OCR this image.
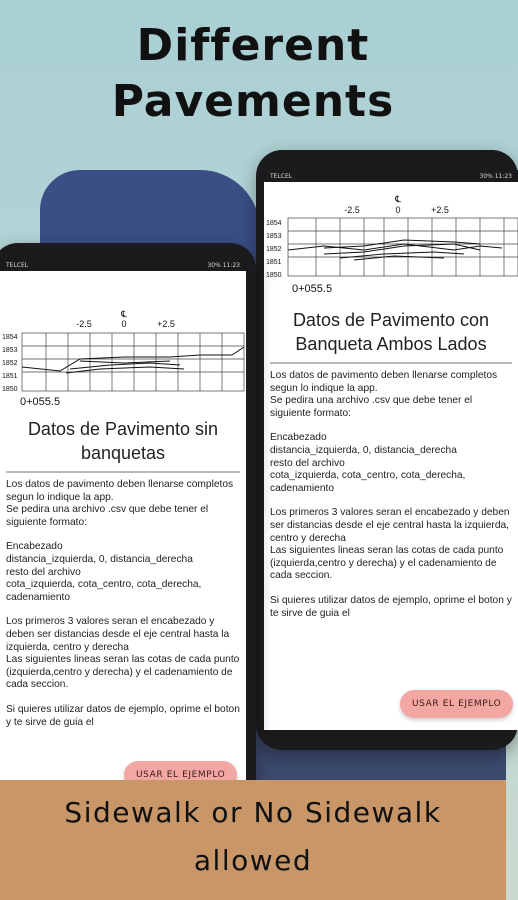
Different
Pavements
TELCEL	30% 11:23
℄
-2.5	0	+2.5
1854
1853
1852
1851
1850
0+055.5
Datos de Pavimento con Banqueta Ambos Lados

Los datos de pavimento deben llenarse completos segun lo indique la app.
Se pedira una archivo .csv que debe tener el siguiente formato:

Encabezado
distancia_izquierda, 0, distancia_derecha
resto del archivo
cota_izquierda, cota_centro, cota_derecha,
cadenamiento

Los primeros 3 valores seran el encabezado y deben ser distancias desde el eje central hasta la izquierda, centro y derecha
Las siguientes lineas seran las cotas de cada punto (izquierda,centro y derecha) y el cadenamiento de cada seccion.

Si quieres utilizar datos de ejemplo, oprime el boton y te sirve de guia el

USAR EL EJEMPLO
TELCEL	30% 11:23
℄
-2.5	0	+2.5
1854
1853
1852
1851
1850
0+055.5
Datos de Pavimento sin banquetas

Los datos de pavimento deben llenarse completos segun lo indique la app.
Se pedira una archivo .csv que debe tener el siguiente formato:

Encabezado
distancia_izquierda, 0, distancia_derecha
resto del archivo
cota_izquierda, cota_centro, cota_derecha,
cadenamiento

Los primeros 3 valores seran el encabezado y deben ser distancias desde el eje central hasta la izquierda, centro y derecha
Las siguientes lineas seran las cotas de cada punto (izquierda,centro y derecha) y el cadenamiento de cada seccion.

Si quieres utilizar datos de ejemplo, oprime el boton y te sirve de guia el

USAR EL EJEMPLO
Sidewalk or No Sidewalk
allowed
